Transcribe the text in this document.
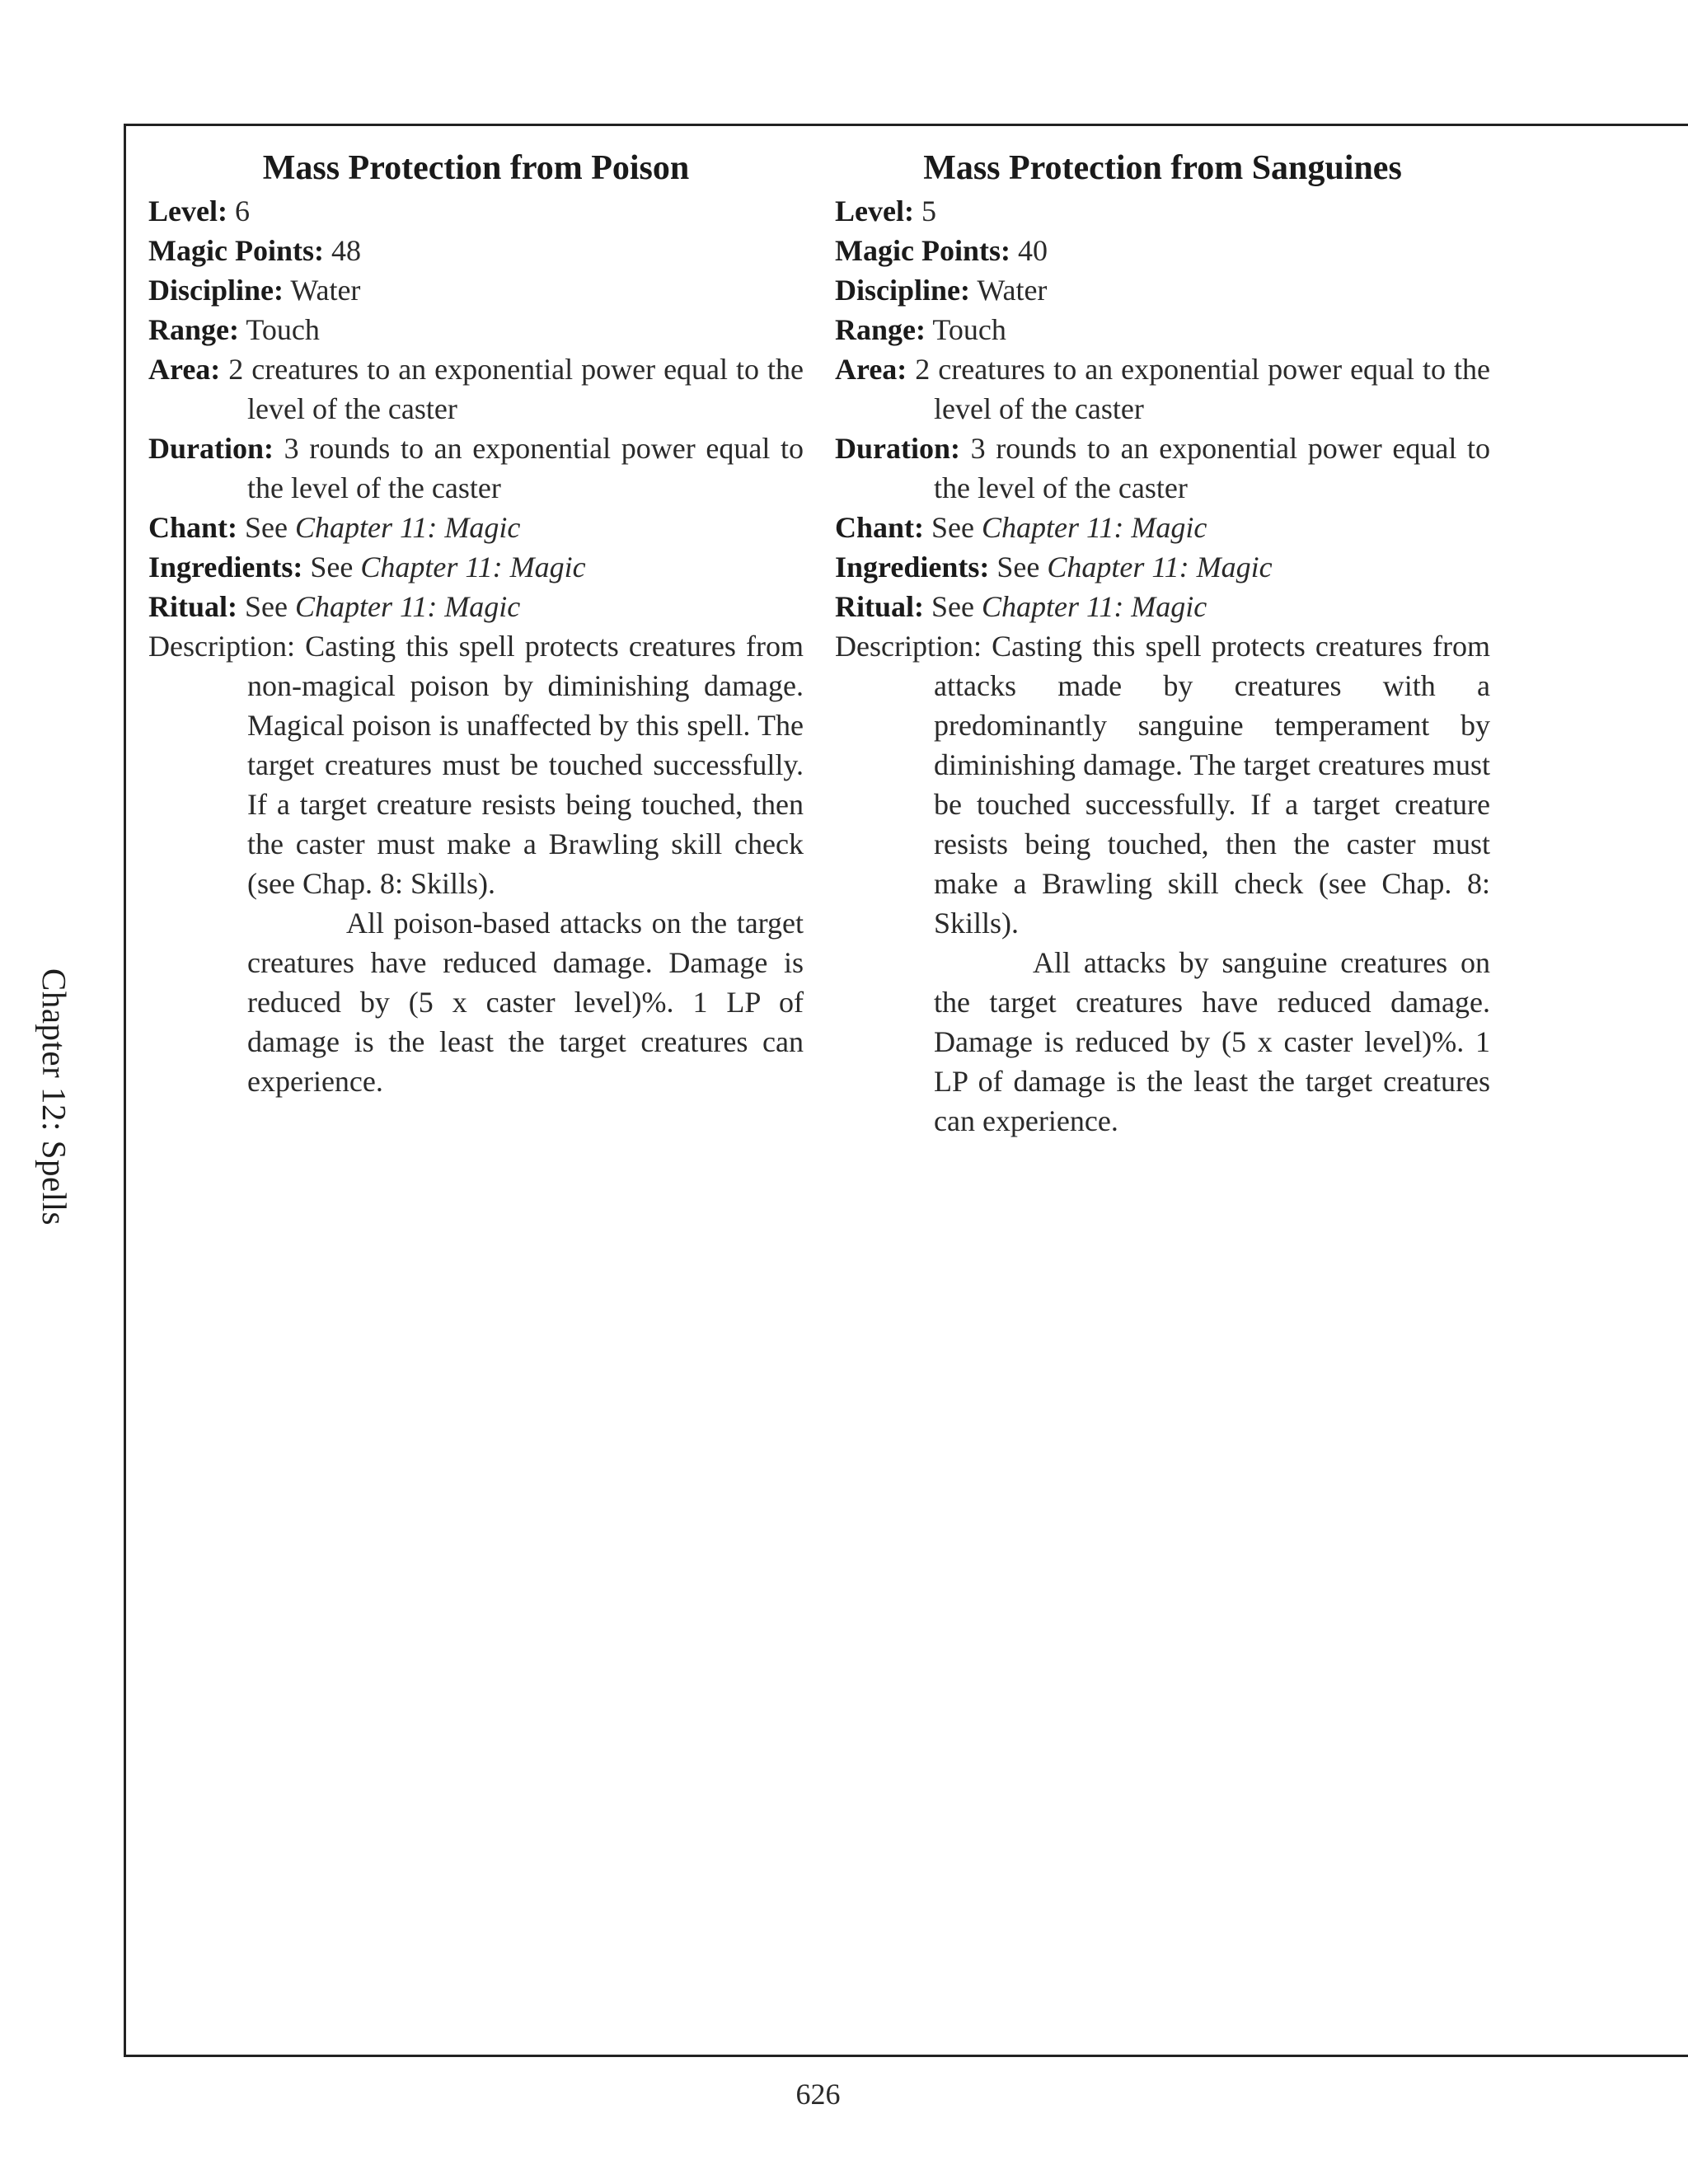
Chapter 12: Spells

Mass Protection from Poison

Level: 6

Magic Points: 48

Discipline: Water

Range: Touch

Area: 2 creatures to an exponential power equal to the level of the caster

Duration: 3 rounds to an exponential power equal to the level of the caster

Chant: See Chapter 11: Magic

Ingredients: See Chapter 11: Magic

Ritual: See Chapter 11: Magic

Description: Casting this spell protects creatures from non-magical poison by diminishing damage. Magical poison is unaffected by this spell. The target creatures must be touched successfully. If a target creature resists being touched, then the caster must make a Brawling skill check (see Chap. 8: Skills).

All poison-based attacks on the target creatures have reduced damage. Damage is reduced by (5 x caster level)%. 1 LP of damage is the least the target creatures can experience.

Mass Protection from Sanguines

Level: 5

Magic Points: 40

Discipline: Water

Range: Touch

Area: 2 creatures to an exponential power equal to the level of the caster

Duration: 3 rounds to an exponential power equal to the level of the caster

Chant: See Chapter 11: Magic

Ingredients: See Chapter 11: Magic

Ritual: See Chapter 11: Magic

Description: Casting this spell protects creatures from attacks made by creatures with a predominantly sanguine temperament by diminishing damage. The target creatures must be touched successfully. If a target creature resists being touched, then the caster must make a Brawling skill check (see Chap. 8: Skills).

All attacks by sanguine creatures on the target creatures have reduced damage. Damage is reduced by (5 x caster level)%. 1 LP of damage is the least the target creatures can experience.

626
